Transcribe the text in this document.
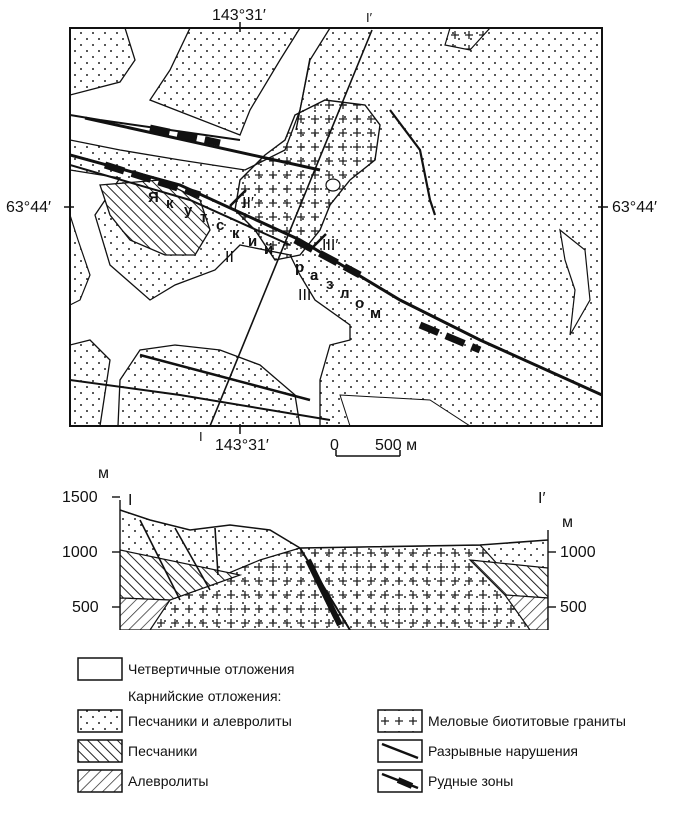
143°31′
143°31′
63°44′	63°44′
I
I′
Я к у т с к и й
р а
з
л
о
м
II
II′
III
III′
0 500 м
м
м
I	I′
1500
1000
500
1000
500
Четвертичные отложения
Карнийские отложения:
Песчаники и алевролиты
Песчаники
Алевролиты
Меловые биотитовые граниты
Разрывные нарушения
Рудные зоны
